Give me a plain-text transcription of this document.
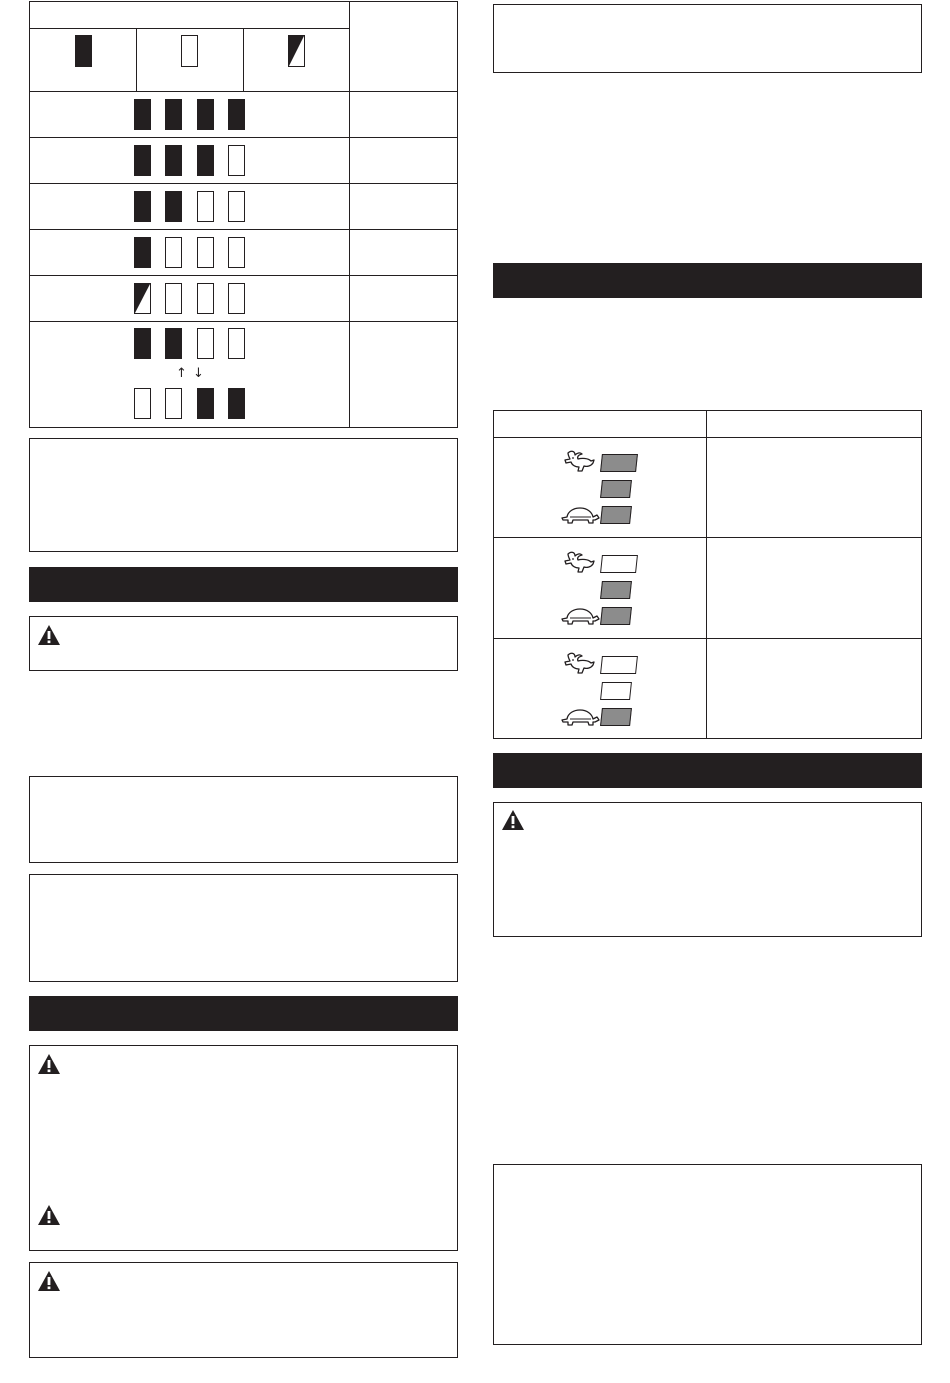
↑ ↓
